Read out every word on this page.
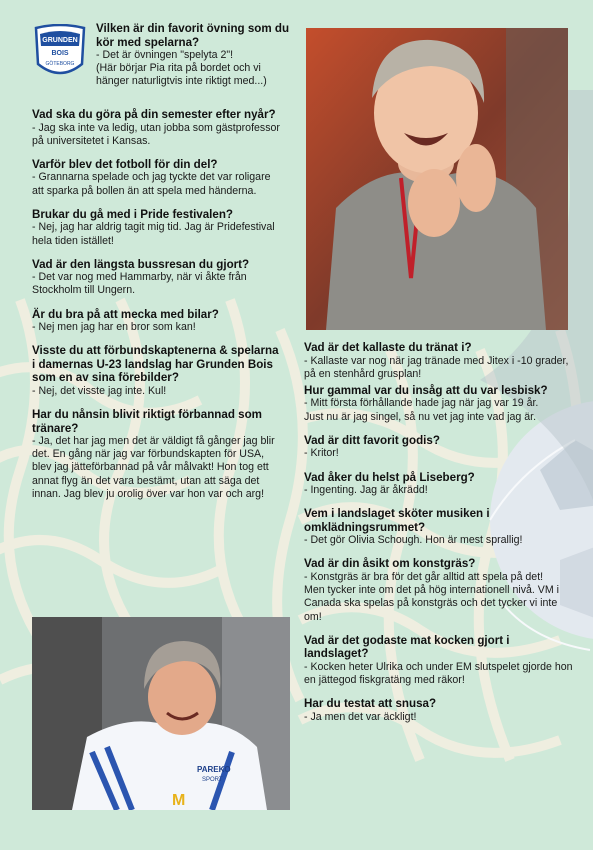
GRUNDEN
BOIS
GÖTEBORG
Vilken är din favorit övning som du kör med spelarna?
- Det är övningen "spelyta 2"!
(Här börjar Pia rita på bordet och vi hänger naturligtvis inte riktigt med...)
PAREKO
SPORT
M
Vad ska du göra på din semester efter nyår?
- Jag ska inte va ledig, utan jobba som gästprofessor på universitetet i Kansas.
Varför blev det fotboll för din del?
- Grannarna spelade och jag tyckte det var roligare att sparka på bollen än att spela med händerna.
Brukar du gå med i Pride festivalen?
- Nej, jag har aldrig tagit mig tid. Jag är Pridefestival hela tiden istället!
Vad är den längsta bussresan du gjort?
- Det var nog med Hammarby, när vi åkte från Stockholm till Ungern.
Är du bra på att mecka med bilar?
- Nej men jag har en bror som kan!
Visste du att förbundskaptenerna & spelarna i damernas U-23 landslag har Grunden Bois som en av sina förebilder?
- Nej, det visste jag inte. Kul!
Har du nånsin blivit riktigt förbannad som tränare?
- Ja, det har jag men det är väldigt få gånger jag blir det. En gång när jag var förbundskapten för USA, blev jag jätteförbannad på vår målvakt! Hon tog ett annat flyg än det vara bestämt, utan att säga det innan. Jag blev ju orolig över var hon var och arg!
Vad är det kallaste du tränat i?
- Kallaste var nog när jag tränade med Jitex i -10 grader, på en stenhård grusplan!
Hur gammal var du insåg att du var lesbisk?
- Mitt första förhållande hade jag när jag var 19 år.
Just nu är jag singel, så nu vet jag inte vad jag är.
Vad är ditt favorit godis?
- Kritor!
Vad åker du helst på Liseberg?
- Ingenting. Jag är åkrädd!
Vem i landslaget sköter musiken i omklädningsrummet?
- Det gör Olivia Schough. Hon är mest sprallig!
Vad är din åsikt om konstgräs?
- Konstgräs är bra för det går alltid att spela på det!
Men tycker inte om det på hög internationell nivå. VM i Canada ska spelas på konstgräs och det tycker vi inte om!
Vad är det godaste mat kocken gjort i landslaget?
- Kocken heter Ulrika och under EM slutspelet gjorde hon en jättegod fiskgratäng med räkor!
Har du testat att snusa?
- Ja men det var äckligt!
